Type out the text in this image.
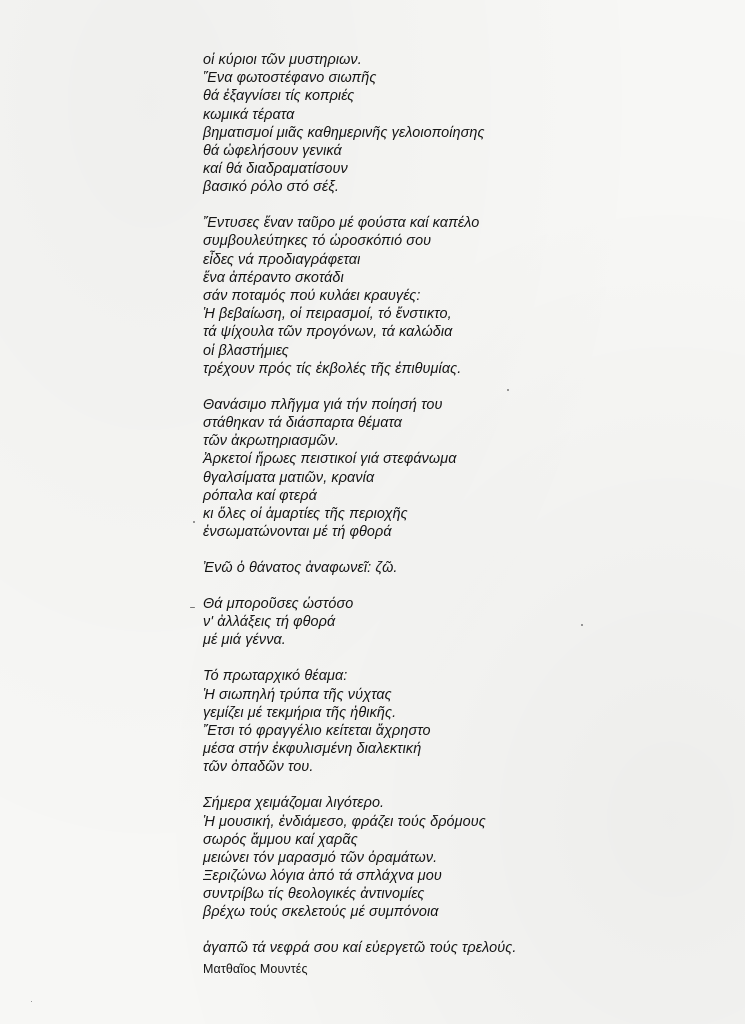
οἱ κύριοι τῶν μυστηριων.
Ἕνα φωτοστέφανο σιωπῆς
θά ἐξαγνίσει τίς κοπριές
κωμικά τέρατα
βηματισμοί μιᾶς καθημερινῆς γελοιοποίησης
θά ὠφελήσουν γενικά
καί θά διαδραματίσουν
βασικό ρόλο στό σέξ.
Ἔντυσες ἕναν ταῦρο μέ φούστα καί καπέλο
συμβουλεύτηκες τό ὡροσκόπιό σου
εἶδες νά προδιαγράφεται
ἕνα ἀπέραντο σκοτάδι
σάν ποταμός πού κυλάει κραυγές:
Ἡ βεβαίωση, οἱ πειρασμοί, τό ἔνστικτο,
τά ψίχουλα τῶν προγόνων, τά καλώδια
οἱ βλαστήμιες
τρέχουν πρός τίς ἐκβολές τῆς ἐπιθυμίας.
Θανάσιμο πλῆγμα γιά τήν ποίησή του
στάθηκαν τά διάσπαρτα θέματα
τῶν ἀκρωτηριασμῶν.
Ἀρκετοί ἥρωες πειστικοί γιά στεφάνωμα
θγαλσίματα ματιῶν, κρανία
ρόπαλα καί φτερά
κι ὅλες οἱ ἁμαρτίες τῆς περιοχῆς
ἐνσωματώνονται μέ τή φθορά
Ἐνῶ ὁ θάνατος ἀναφωνεῖ: ζῶ.
Θά μποροῦσες ὡστόσο
ν' ἀλλάξεις τή φθορά
μέ μιά γέννα.
Τό πρωταρχικό θέαμα:
Ἡ σιωπηλή τρύπα τῆς νύχτας
γεμίζει μέ τεκμήρια τῆς ἠθικῆς.
Ἔτσι τό φραγγέλιο κείτεται ἄχρηστο
μέσα στήν ἐκφυλισμένη διαλεκτική
τῶν ὀπαδῶν του.
Σήμερα χειμάζομαι λιγότερο.
Ἡ μουσική, ἐνδιάμεσο, φράζει τούς δρόμους
σωρός ἄμμου καί χαρᾶς
μειώνει τόν μαρασμό τῶν ὁραμάτων.
Ξεριζώνω λόγια ἀπό τά σπλάχνα μου
συντρίβω τίς θεολογικές ἀντινομίες
βρέχω τούς σκελετούς μέ συμπόνοια
ἀγαπῶ τά νεφρά σου καί εὐεργετῶ τούς τρελούς.
Ματθαῖος Μουντές
